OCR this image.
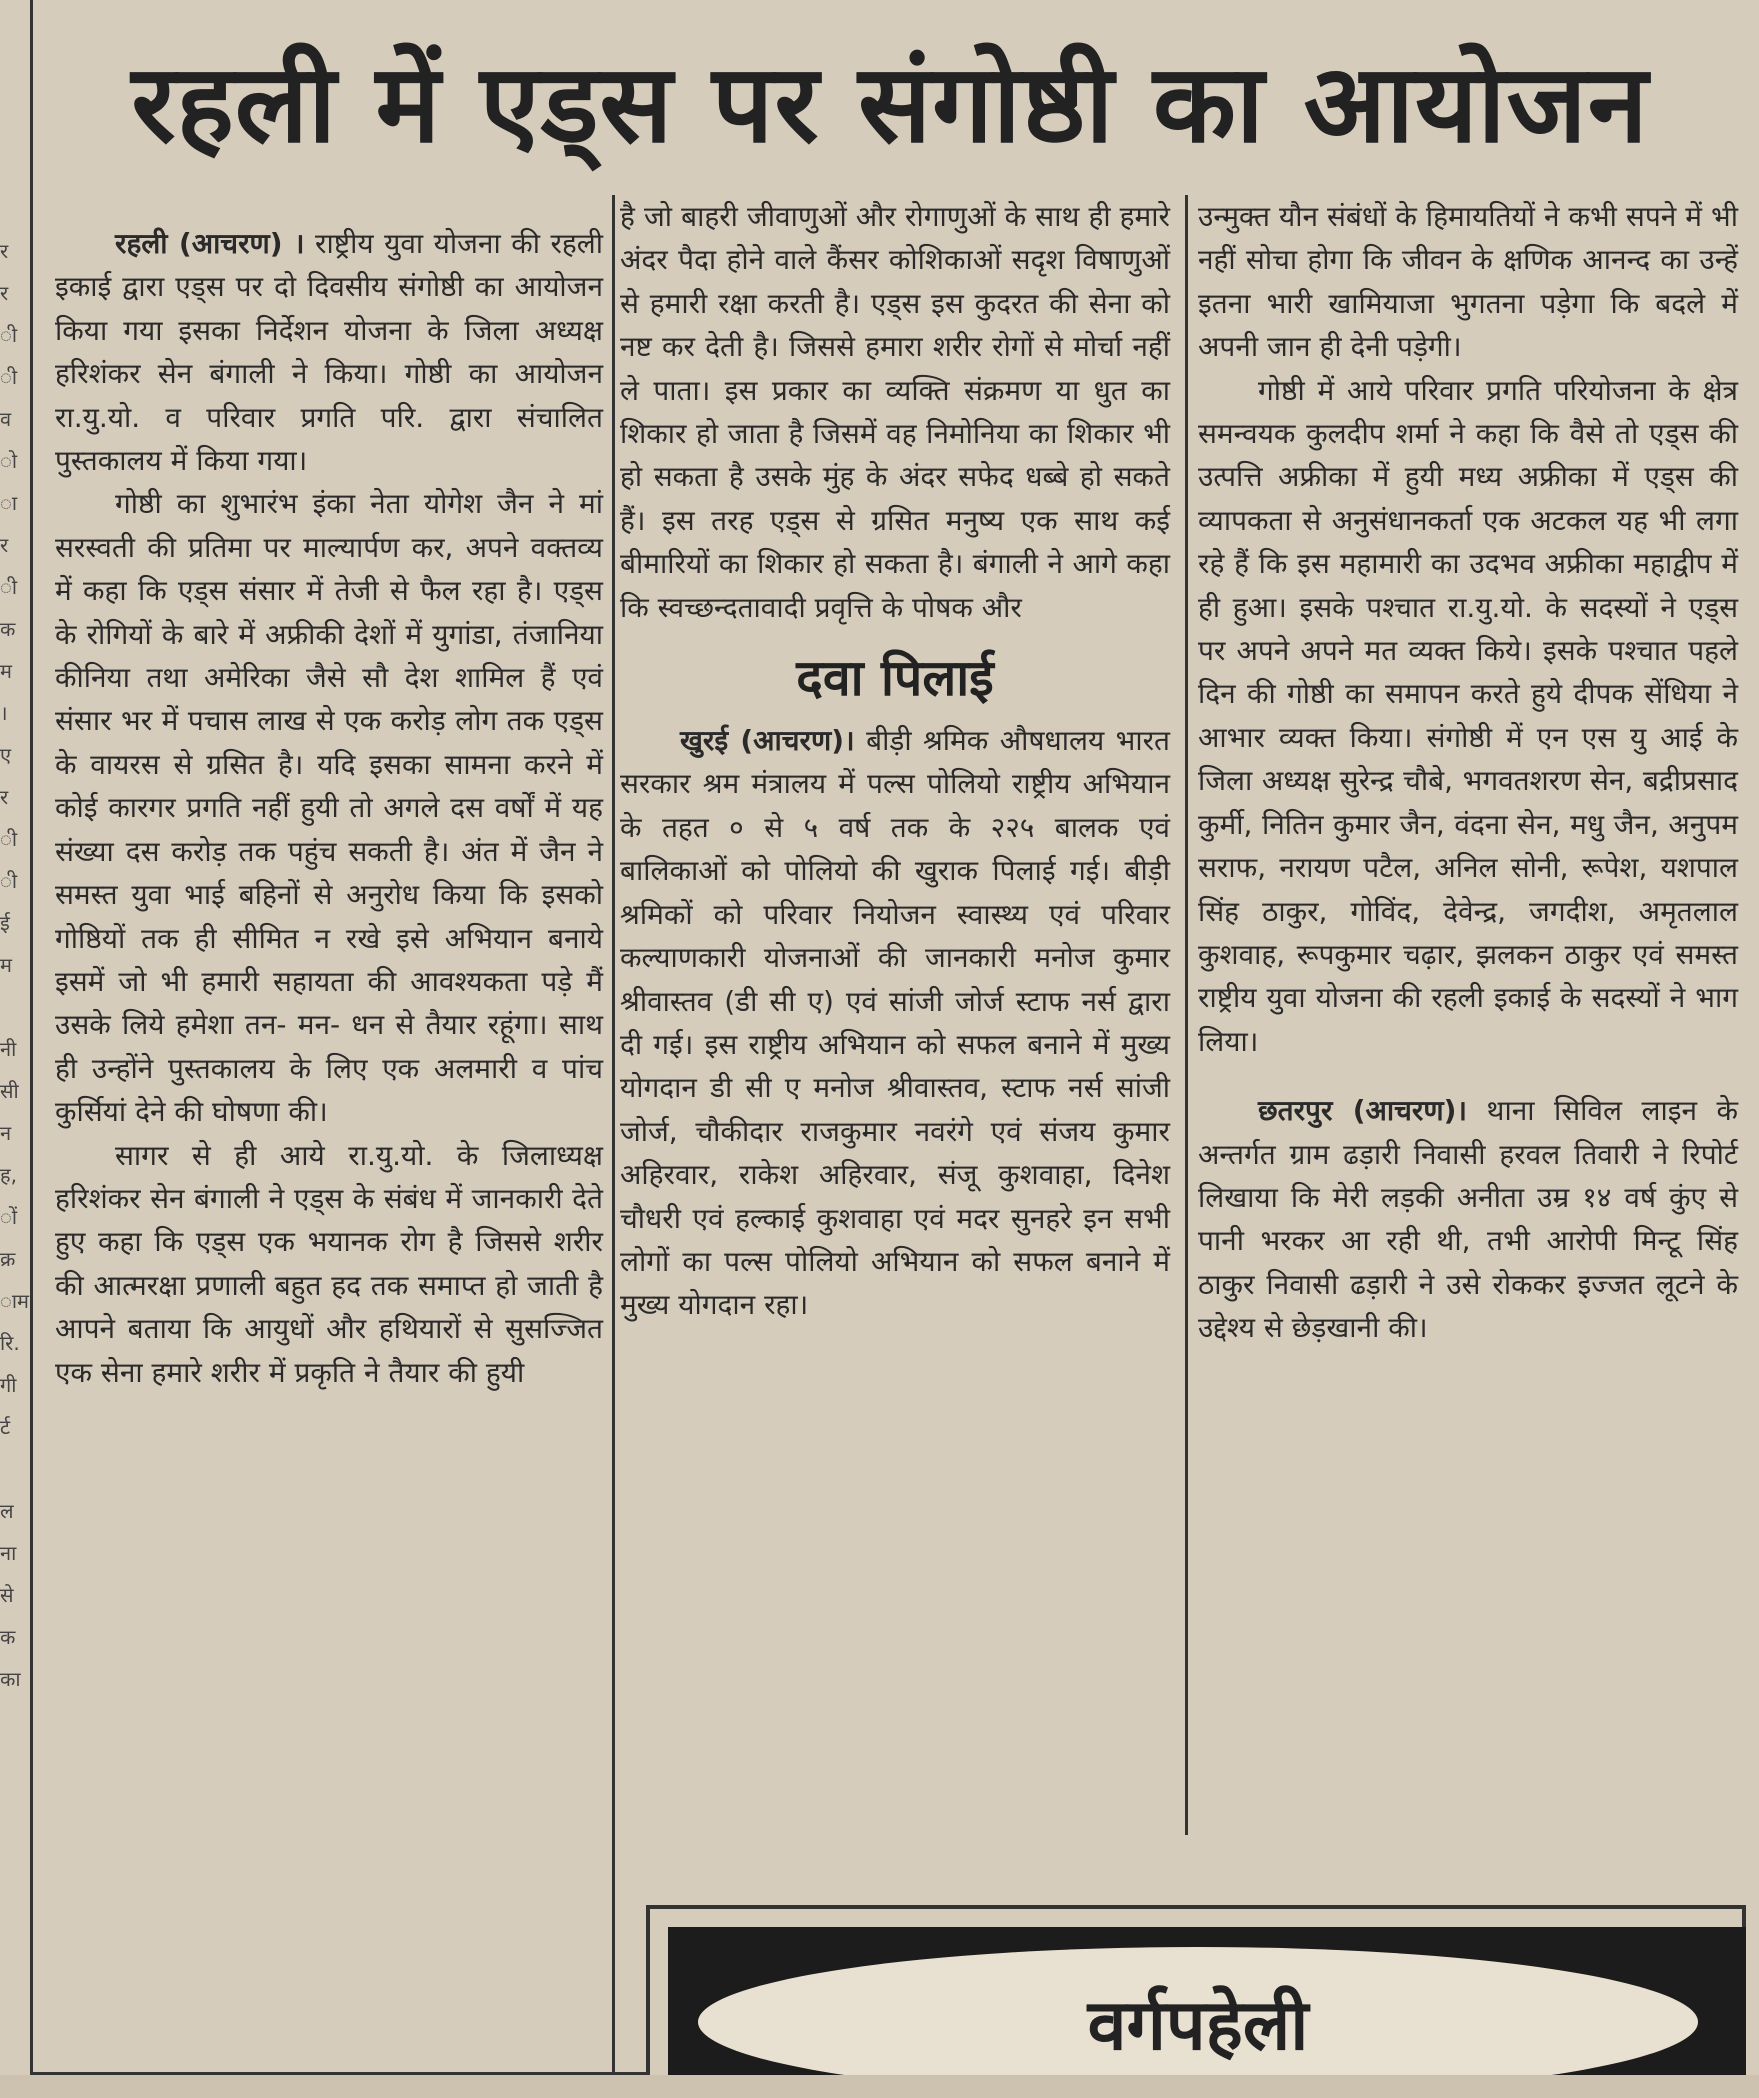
र
र
ी
ी
व
ो
ा
र
ी
क
म
।
ए
र
ी
ी
ई
म

नी
सी
न
ह,
ों
क्र
ाम
रि.
गी
र्ट

ल
ना
से
क
का
रहली में एड्स पर संगोष्ठी का आयोजन

रहली (आचरण) । राष्ट्रीय युवा योजना की रहली इकाई द्वारा एड्स पर दो दिवसीय संगोष्ठी का आयोजन किया गया इसका निर्देशन योजना के जिला अध्यक्ष हरिशंकर सेन बंगाली ने किया। गोष्ठी का आयोजन रा.यु.यो. व परिवार प्रगति परि. द्वारा संचालित पुस्तकालय में किया गया।

गोष्ठी का शुभारंभ इंका नेता योगेश जैन ने मां सरस्वती की प्रतिमा पर माल्यार्पण कर, अपने वक्तव्य में कहा कि एड्स संसार में तेजी से फैल रहा है। एड्स के रोगियों के बारे में अफ्रीकी देशों में युगांडा, तंजानिया कीनिया तथा अमेरिका जैसे सौ देश शामिल हैं एवं संसार भर में पचास लाख से एक करोड़ लोग तक एड्स के वायरस से ग्रसित है। यदि इसका सामना करने में कोई कारगर प्रगति नहीं हुयी तो अगले दस वर्षों में यह संख्या दस करोड़ तक पहुंच सकती है। अंत में जैन ने समस्त युवा भाई बहिनों से अनुरोध किया कि इसको गोष्ठियों तक ही सीमित न रखे इसे अभियान बनाये इसमें जो भी हमारी सहायता की आवश्यकता पड़े मैं उसके लिये हमेशा तन- मन- धन से तैयार रहूंगा। साथ ही उन्होंने पुस्तकालय के लिए एक अलमारी व पांच कुर्सियां देने की घोषणा की।

सागर से ही आये रा.यु.यो. के जिलाध्यक्ष हरिशंकर सेन बंगाली ने एड्स के संबंध में जानकारी देते हुए कहा कि एड्स एक भयानक रोग है जिससे शरीर की आत्मरक्षा प्रणाली बहुत हद तक समाप्त हो जाती है आपने बताया कि आयुधों और हथियारों से सुसज्जित एक सेना हमारे शरीर में प्रकृति ने तैयार की हुयी

है जो बाहरी जीवाणुओं और रोगाणुओं के साथ ही हमारे अंदर पैदा होने वाले कैंसर कोशिकाओं सदृश विषाणुओं से हमारी रक्षा करती है। एड्स इस कुदरत की सेना को नष्ट कर देती है। जिससे हमारा शरीर रोगों से मोर्चा नहीं ले पाता। इस प्रकार का व्यक्ति संक्रमण या धुत का शिकार हो जाता है जिसमें वह निमोनिया का शिकार भी हो सकता है उसके मुंह के अंदर सफेद धब्बे हो सकते हैं। इस तरह एड्स से ग्रसित मनुष्य एक साथ कई बीमारियों का शिकार हो सकता है। बंगाली ने आगे कहा कि स्वच्छन्दतावादी प्रवृत्ति के पोषक और

दवा पिलाई

खुरई (आचरण)। बीड़ी श्रमिक औषधालय भारत सरकार श्रम मंत्रालय में पल्स पोलियो राष्ट्रीय अभियान के तहत ० से ५ वर्ष तक के २२५ बालक एवं बालिकाओं को पोलियो की खुराक पिलाई गई। बीड़ी श्रमिकों को परिवार नियोजन स्वास्थ्य एवं परिवार कल्याणकारी योजनाओं की जानकारी मनोज कुमार श्रीवास्तव (डी सी ए) एवं सांजी जोर्ज स्टाफ नर्स द्वारा दी गई। इस राष्ट्रीय अभियान को सफल बनाने में मुख्य योगदान डी सी ए मनोज श्रीवास्तव, स्टाफ नर्स सांजी जोर्ज, चौकीदार राजकुमार नवरंगे एवं संजय कुमार अहिरवार, राकेश अहिरवार, संजू कुशवाहा, दिनेश चौधरी एवं हल्काई कुशवाहा एवं मदर सुनहरे इन सभी लोगों का पल्स पोलियो अभियान को सफल बनाने में मुख्य योगदान रहा।

उन्मुक्त यौन संबंधों के हिमायतियों ने कभी सपने में भी नहीं सोचा होगा कि जीवन के क्षणिक आनन्द का उन्हें इतना भारी खामियाजा भुगतना पड़ेगा कि बदले में अपनी जान ही देनी पड़ेगी।

गोष्ठी में आये परिवार प्रगति परियोजना के क्षेत्र समन्वयक कुलदीप शर्मा ने कहा कि वैसे तो एड्स की उत्पत्ति अफ्रीका में हुयी मध्य अफ्रीका में एड्स की व्यापकता से अनुसंधानकर्ता एक अटकल यह भी लगा रहे हैं कि इस महामारी का उदभव अफ्रीका महाद्वीप में ही हुआ। इसके पश्चात रा.यु.यो. के सदस्यों ने एड्स पर अपने अपने मत व्यक्त किये। इसके पश्चात पहले दिन की गोष्ठी का समापन करते हुये दीपक सेंधिया ने आभार व्यक्त किया। संगोष्ठी में एन एस यु आई के जिला अध्यक्ष सुरेन्द्र चौबे, भगवतशरण सेन, बद्रीप्रसाद कुर्मी, नितिन कुमार जैन, वंदना सेन, मधु जैन, अनुपम सराफ, नरायण पटैल, अनिल सोनी, रूपेश, यशपाल सिंह ठाकुर, गोविंद, देवेन्द्र, जगदीश, अमृतलाल कुशवाह, रूपकुमार चढ़ार, झलकन ठाकुर एवं समस्त राष्ट्रीय युवा योजना की रहली इकाई के सदस्यों ने भाग लिया।

छतरपुर (आचरण)। थाना सिविल लाइन के अन्तर्गत ग्राम ढड़ारी निवासी हरवल तिवारी ने रिपोर्ट लिखाया कि मेरी लड़की अनीता उम्र १४ वर्ष कुंए से पानी भरकर आ रही थी, तभी आरोपी मिन्टू सिंह ठाकुर निवासी ढड़ारी ने उसे रोककर इज्जत लूटने के उद्देश्य से छेड़खानी की।

वर्गपहेली
